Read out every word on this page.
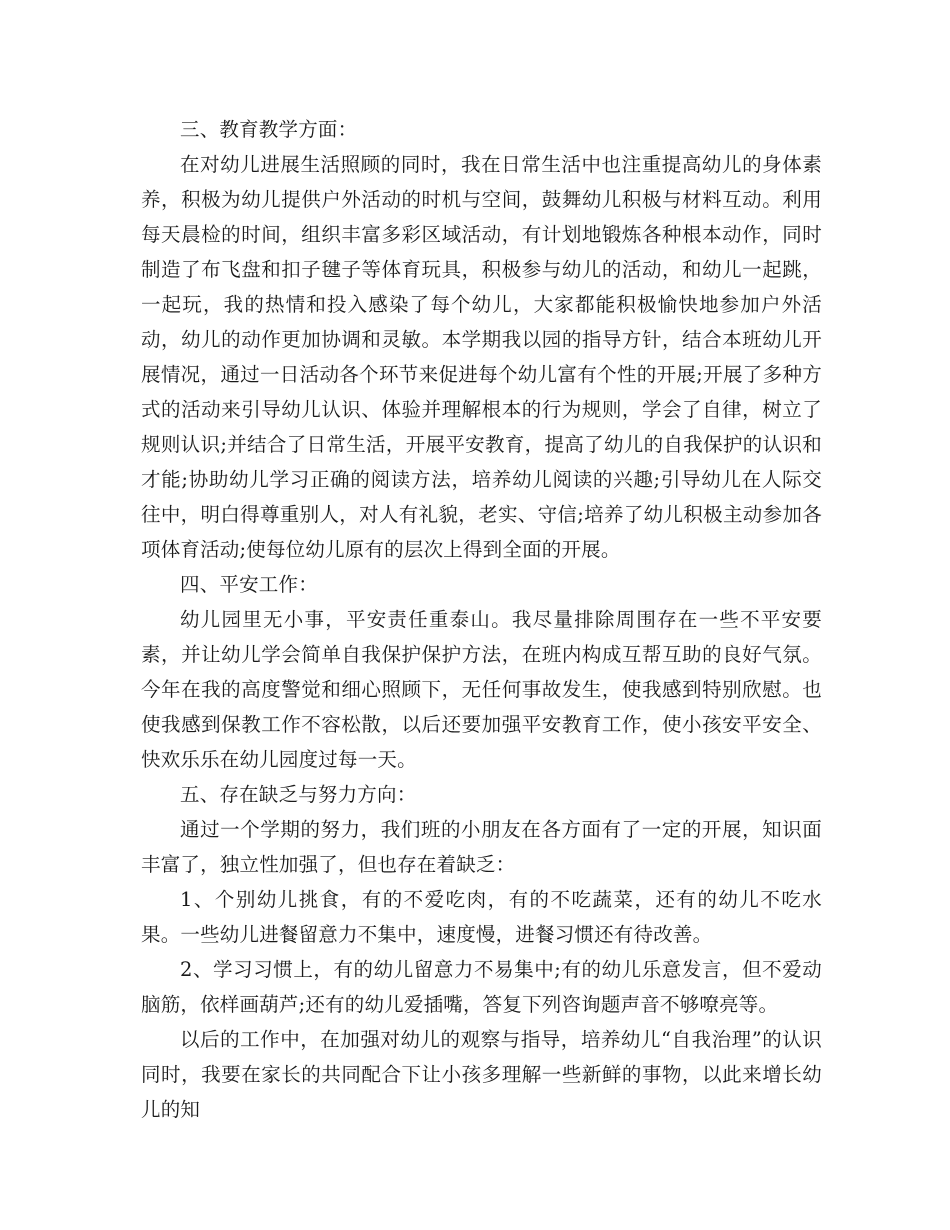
三、教育教学方面：

在对幼儿进展生活照顾的同时，我在日常生活中也注重提高幼儿的身体素养，积极为幼儿提供户外活动的时机与空间，鼓舞幼儿积极与材料互动。利用每天晨检的时间，组织丰富多彩区域活动，有计划地锻炼各种根本动作，同时制造了布飞盘和扣子毽子等体育玩具，积极参与幼儿的活动，和幼儿一起跳，一起玩，我的热情和投入感染了每个幼儿，大家都能积极愉快地参加户外活动，幼儿的动作更加协调和灵敏。本学期我以园的指导方针，结合本班幼儿开展情况，通过一日活动各个环节来促进每个幼儿富有个性的开展;开展了多种方式的活动来引导幼儿认识、体验并理解根本的行为规则，学会了自律，树立了规则认识;并结合了日常生活，开展平安教育，提高了幼儿的自我保护的认识和才能;协助幼儿学习正确的阅读方法，培养幼儿阅读的兴趣;引导幼儿在人际交往中，明白得尊重别人，对人有礼貌，老实、守信;培养了幼儿积极主动参加各项体育活动;使每位幼儿原有的层次上得到全面的开展。

四、平安工作：

幼儿园里无小事，平安责任重泰山。我尽量排除周围存在一些不平安要素，并让幼儿学会简单自我保护保护方法，在班内构成互帮互助的良好气氛。今年在我的高度警觉和细心照顾下，无任何事故发生，使我感到特别欣慰。也使我感到保教工作不容松散，以后还要加强平安教育工作，使小孩安平安全、快欢乐乐在幼儿园度过每一天。

五、存在缺乏与努力方向：

通过一个学期的努力，我们班的小朋友在各方面有了一定的开展，知识面丰富了，独立性加强了，但也存在着缺乏：

1、个别幼儿挑食，有的不爱吃肉，有的不吃蔬菜，还有的幼儿不吃水果。一些幼儿进餐留意力不集中，速度慢，进餐习惯还有待改善。

2、学习习惯上，有的幼儿留意力不易集中;有的幼儿乐意发言，但不爱动脑筋，依样画葫芦;还有的幼儿爱插嘴，答复下列咨询题声音不够嘹亮等。

以后的工作中，在加强对幼儿的观察与指导，培养幼儿“自我治理”的认识同时，我要在家长的共同配合下让小孩多理解一些新鲜的事物，以此来增长幼儿的知
